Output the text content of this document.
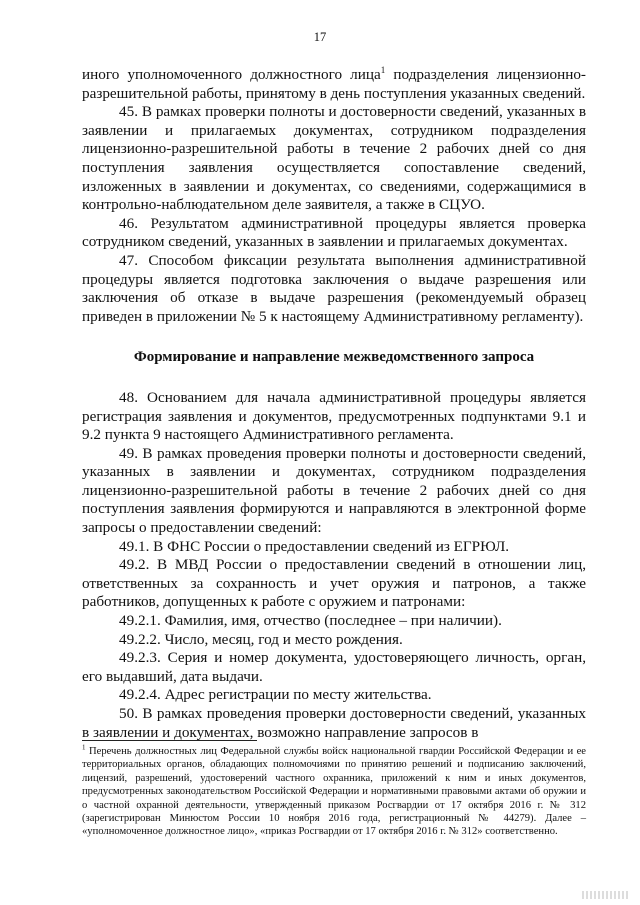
17

иного уполномоченного должностного лица$^1$ подразделения лицензионно-разрешительной работы, принятому в день поступления указанных сведений.

45. В рамках проверки полноты и достоверности сведений, указанных в заявлении и прилагаемых документах, сотрудником подразделения лицензионно-разрешительной работы в течение 2 рабочих дней со дня поступления заявления осуществляется сопоставление сведений, изложенных в заявлении и документах, со сведениями, содержащимися в контрольно-наблюдательном деле заявителя, а также в СЦУО.

46. Результатом административной процедуры является проверка сотрудником сведений, указанных в заявлении и прилагаемых документах.

47. Способом фиксации результата выполнения административной процедуры является подготовка заключения о выдаче разрешения или заключения об отказе в выдаче разрешения (рекомендуемый образец приведен в приложении № 5 к настоящему Административному регламенту).

Формирование и направление межведомственного запроса

48. Основанием для начала административной процедуры является регистрация заявления и документов, предусмотренных подпунктами 9.1 и 9.2 пункта 9 настоящего Административного регламента.

49. В рамках проведения проверки полноты и достоверности сведений, указанных в заявлении и документах, сотрудником подразделения лицензионно-разрешительной работы в течение 2 рабочих дней со дня поступления заявления формируются и направляются в электронной форме запросы о предоставлении сведений:

49.1. В ФНС России о предоставлении сведений из ЕГРЮЛ.

49.2. В МВД России о предоставлении сведений в отношении лиц, ответственных за сохранность и учет оружия и патронов, а также работников, допущенных к работе с оружием и патронами:

49.2.1. Фамилия, имя, отчество (последнее – при наличии).

49.2.2. Число, месяц, год и место рождения.

49.2.3. Серия и номер документа, удостоверяющего личность, орган, его выдавший, дата выдачи.

49.2.4. Адрес регистрации по месту жительства.

50. В рамках проведения проверки достоверности сведений, указанных в заявлении и документах, возможно направление запросов в

$^1$ Перечень должностных лиц Федеральной службы войск национальной гвардии Российской Федерации и ее территориальных органов, обладающих полномочиями по принятию решений и подписанию заключений, лицензий, разрешений, удостоверений частного охранника, приложений к ним и иных документов, предусмотренных законодательством Российской Федерации и нормативными правовыми актами об оружии и о частной охранной деятельности, утвержденный приказом Росгвардии от 17 октября 2016 г. № 312 (зарегистрирован Минюстом России 10 ноября 2016 года, регистрационный № 44279). Далее – «уполномоченное должностное лицо», «приказ Росгвардии от 17 октября 2016 г. № 312» соответственно.
